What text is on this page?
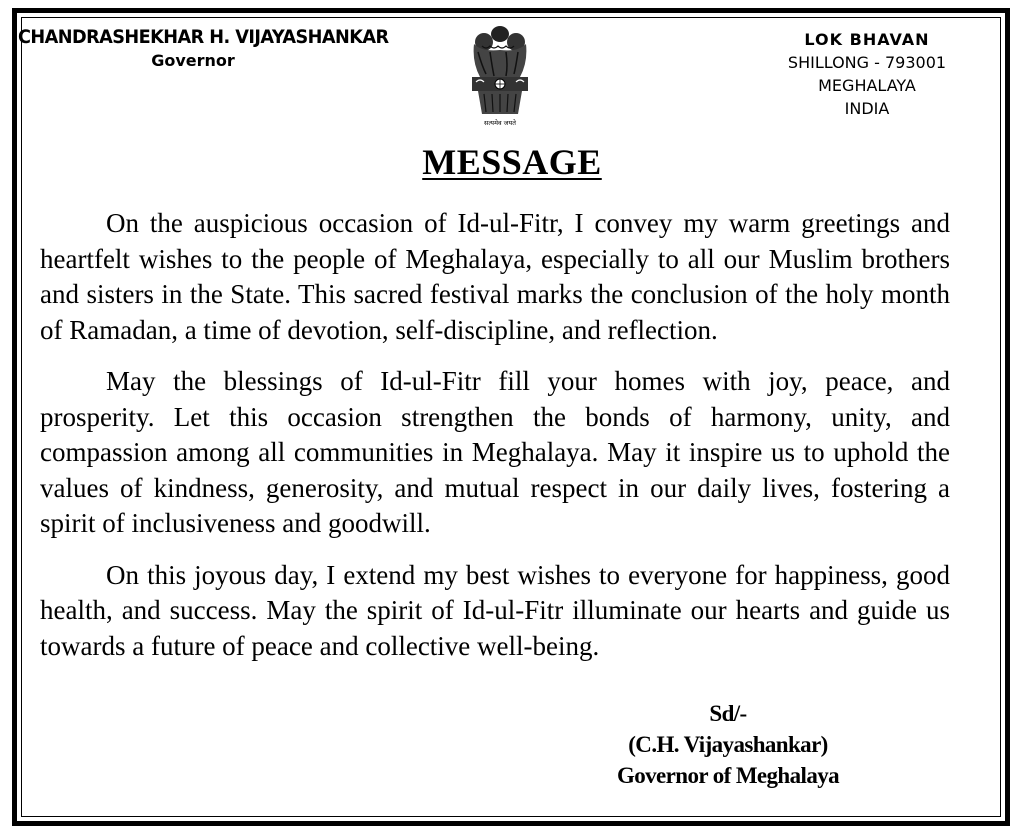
CHANDRASHEKHAR H. VIJAYASHANKAR
Governor
सत्यमेव जयते
LOK BHAVAN
SHILLONG - 793001
MEGHALAYA
INDIA
MESSAGE

On the auspicious occasion of Id-ul-Fitr, I convey my warm greetings and heartfelt wishes to the people of Meghalaya, especially to all our Muslim brothers and sisters in the State. This sacred festival marks the conclusion of the holy month of Ramadan, a time of devotion, self-discipline, and reflection.

May the blessings of Id-ul-Fitr fill your homes with joy, peace, and prosperity. Let this occasion strengthen the bonds of harmony, unity, and compassion among all communities in Meghalaya. May it inspire us to uphold the values of kindness, generosity, and mutual respect in our daily lives, fostering a spirit of inclusiveness and goodwill.

On this joyous day, I extend my best wishes to everyone for happiness, good health, and success. May the spirit of Id-ul-Fitr illuminate our hearts and guide us towards a future of peace and collective well-being.

Sd/-
(C.H. Vijayashankar)
Governor of Meghalaya
